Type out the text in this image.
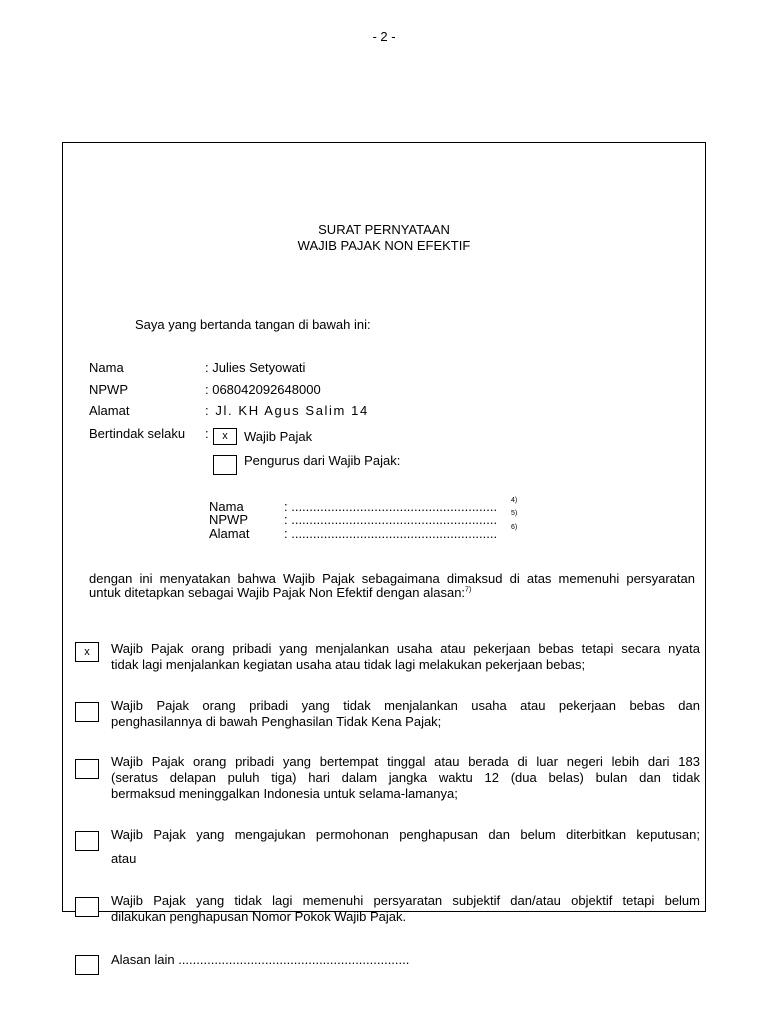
- 2 -
SURAT PERNYATAAN
WAJIB PAJAK NON EFEKTIF
Saya yang bertanda tangan di bawah ini:
Nama	: Julies Setyowati
NPWP	: 068042092648000
Alamat	: Jl. KH Agus Salim 14
Bertindak selaku :	x	Wajib Pajak
Pengurus dari Wajib Pajak:
Nama	: ......................................................... 4)
NPWP	: ......................................................... 5)
Alamat	: ......................................................... 6)
dengan ini menyatakan bahwa Wajib Pajak sebagaimana dimaksud di atas memenuhi persyaratan
untuk ditetapkan sebagai Wajib Pajak Non Efektif dengan alasan:$^{7)}$
x	Wajib Pajak orang pribadi yang menjalankan usaha atau pekerjaan bebas tetapi secara nyata
tidak lagi menjalankan kegiatan usaha atau tidak lagi melakukan pekerjaan bebas;
Wajib Pajak orang pribadi yang tidak menjalankan usaha atau pekerjaan bebas dan
penghasilannya di bawah Penghasilan Tidak Kena Pajak;
Wajib Pajak orang pribadi yang bertempat tinggal atau berada di luar negeri lebih dari 183
(seratus delapan puluh tiga) hari dalam jangka waktu 12 (dua belas) bulan dan tidak
bermaksud meninggalkan Indonesia untuk selama-lamanya;
Wajib Pajak yang mengajukan permohonan penghapusan dan belum diterbitkan keputusan;
atau
Wajib Pajak yang tidak lagi memenuhi persyaratan subjektif dan/atau objektif tetapi belum
dilakukan penghapusan Nomor Pokok Wajib Pajak.
Alasan lain ................................................................
